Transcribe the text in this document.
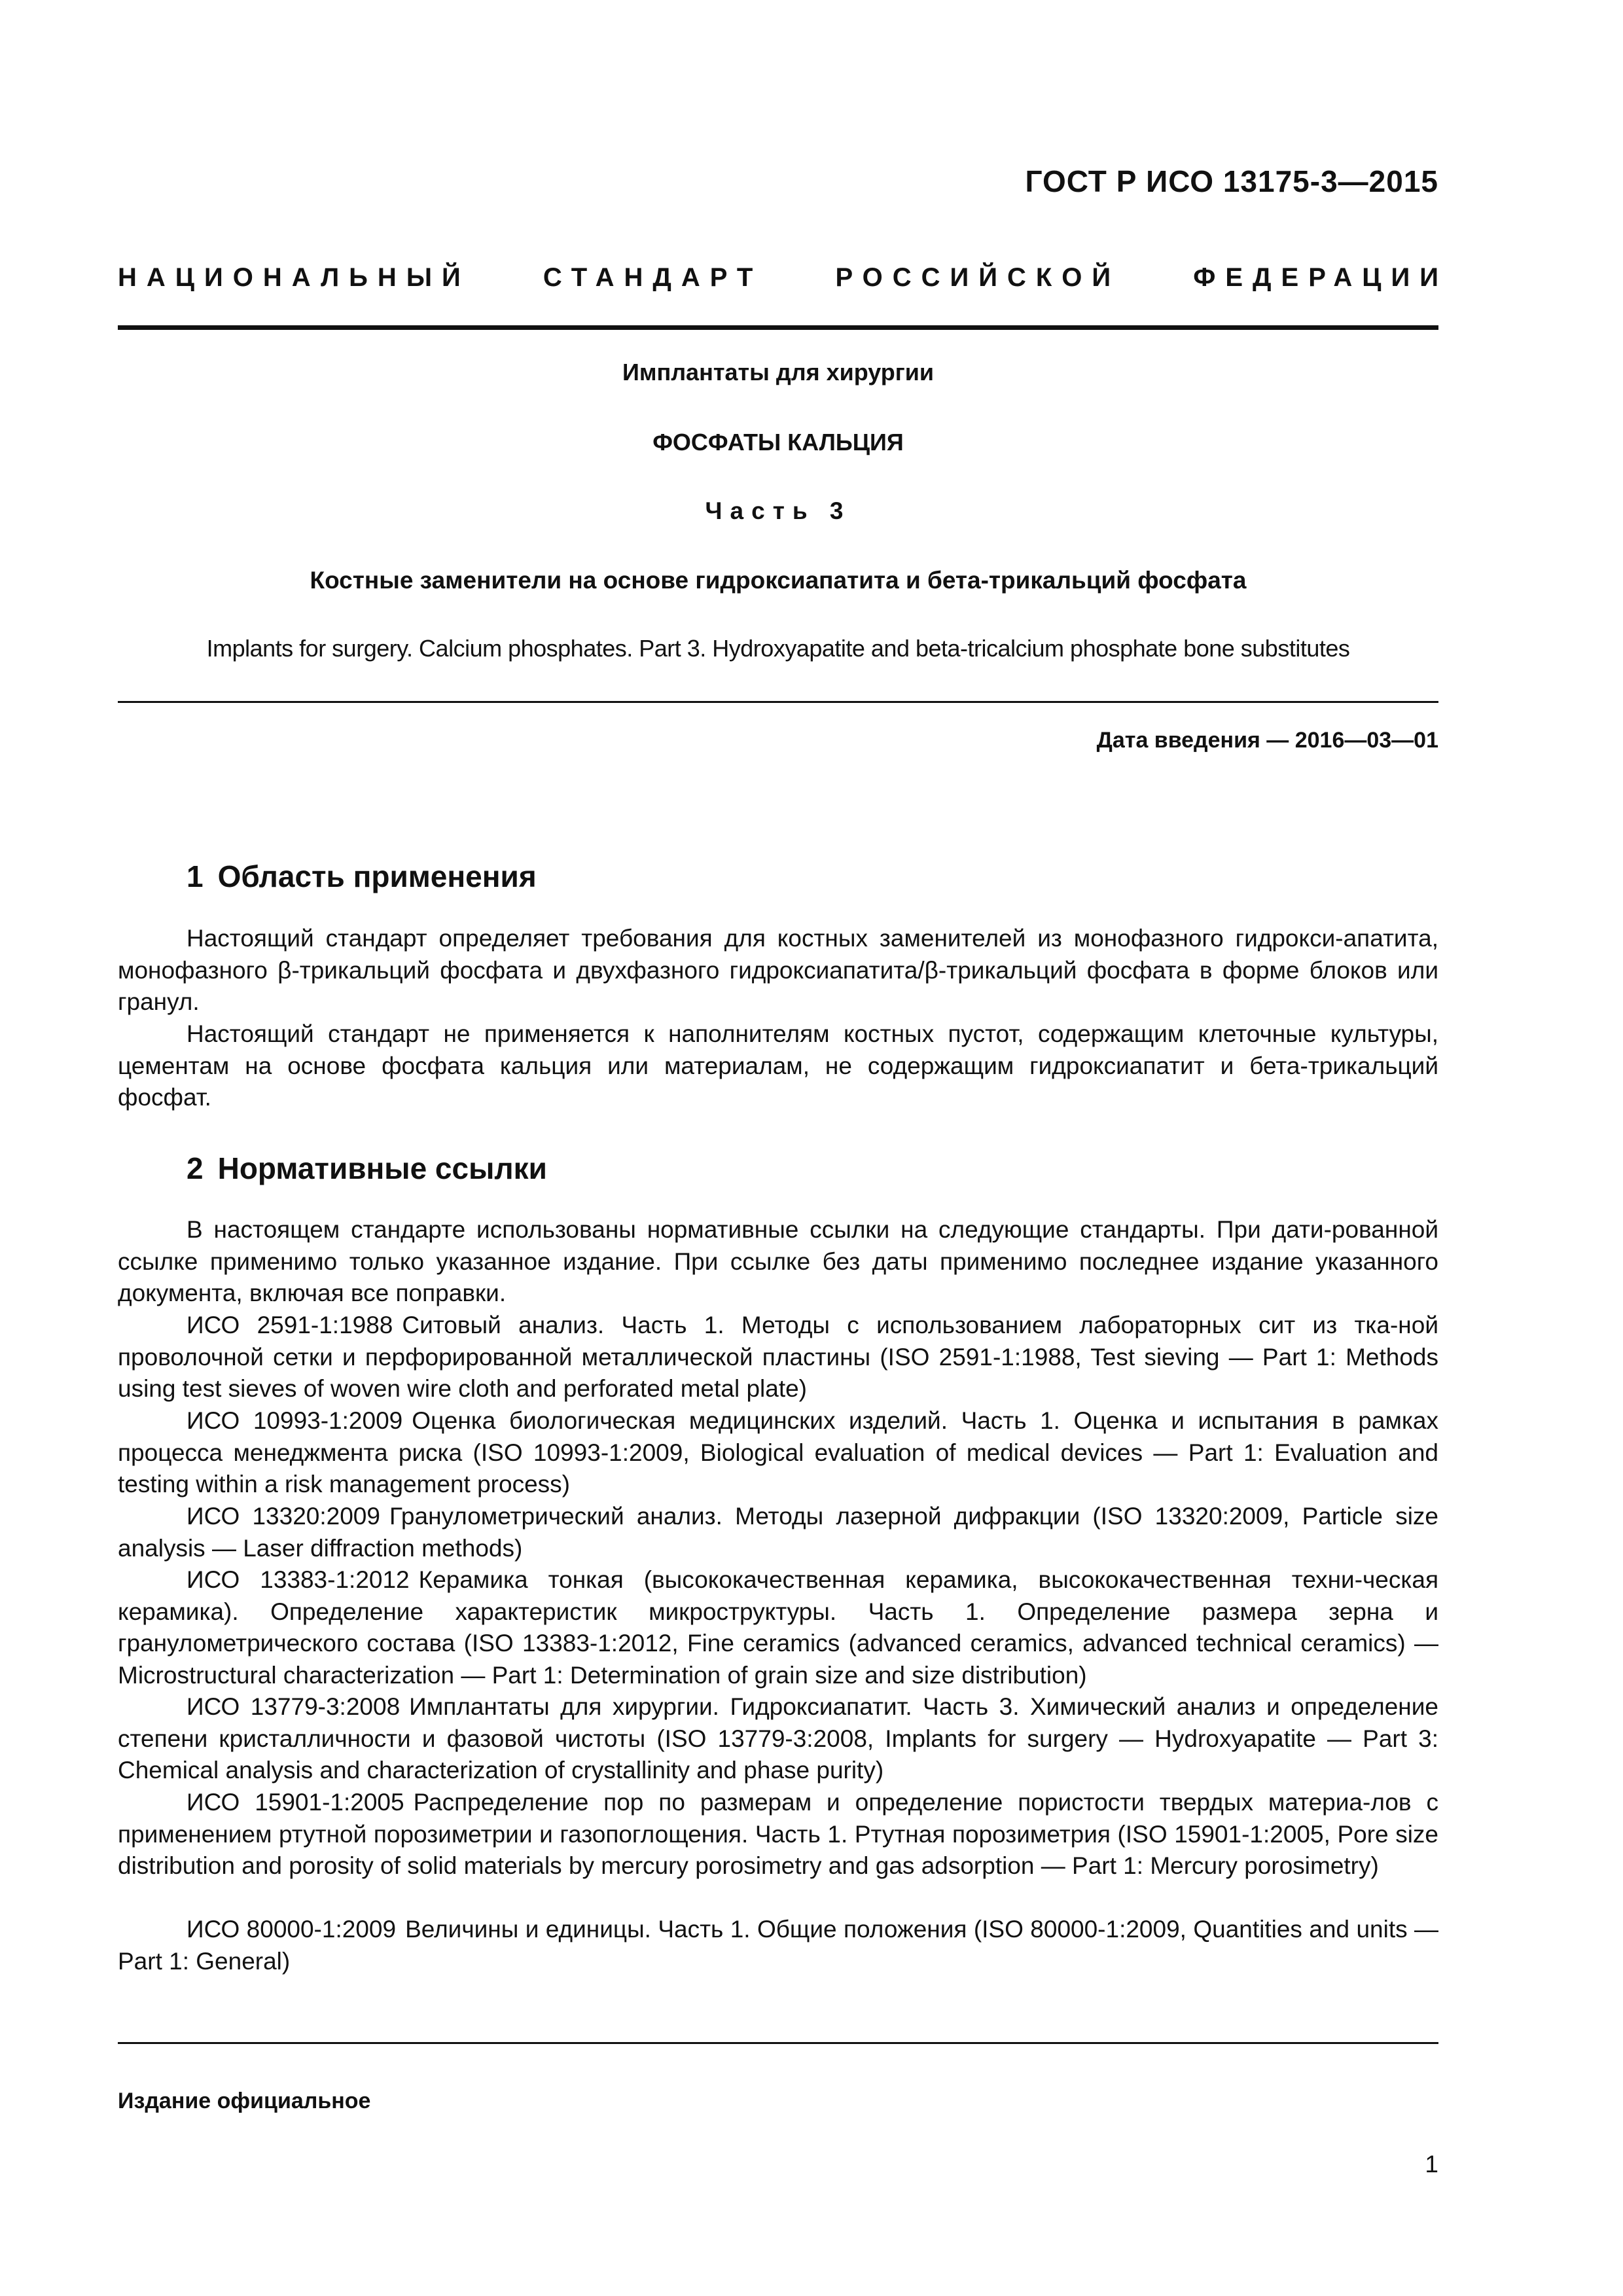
ГОСТ Р ИСО 13175-3—2015
НАЦИОНАЛЬНЫЙ	СТАНДАРТ	РОССИЙСКОЙ	ФЕДЕРАЦИИ
Имплантаты для хирургии
ФОСФАТЫ КАЛЬЦИЯ
Часть 3
Костные заменители на основе гидроксиапатита и бета-трикальций фосфата
Implants for surgery. Calcium phosphates. Part 3. Hydroxyapatite and beta-tricalcium phosphate bone substitutes
Дата введения — 2016—03—01
1 Область применения

Настоящий стандарт определяет требования для костных заменителей из монофазного гидрокси-апатита, монофазного β-трикальций фосфата и двухфазного гидроксиапатита/β-трикальций фосфата в форме блоков или гранул.

Настоящий стандарт не применяется к наполнителям костных пустот, содержащим клеточные культуры, цементам на основе фосфата кальция или материалам, не содержащим гидроксиапатит и бета-трикальций фосфат.

2 Нормативные ссылки

В настоящем стандарте использованы нормативные ссылки на следующие стандарты. При дати-рованной ссылке применимо только указанное издание. При ссылке без даты применимо последнее издание указанного документа, включая все поправки.

ИСО 2591-1:1988 Ситовый анализ. Часть 1. Методы с использованием лабораторных сит из тка-ной проволочной сетки и перфорированной металлической пластины (ISO 2591-1:1988, Test sieving — Part 1: Methods using test sieves of woven wire cloth and perforated metal plate)

ИСО 10993-1:2009 Оценка биологическая медицинских изделий. Часть 1. Оценка и испытания в рамках процесса менеджмента риска (ISO 10993-1:2009, Biological evaluation of medical devices — Part 1: Evaluation and testing within a risk management process)

ИСО 13320:2009 Гранулометрический анализ. Методы лазерной дифракции (ISO 13320:2009, Particle size analysis — Laser diffraction methods)

ИСО 13383-1:2012 Керамика тонкая (высококачественная керамика, высококачественная техни-ческая керамика). Определение характеристик микроструктуры. Часть 1. Определение размера зерна и гранулометрического состава (ISO 13383-1:2012, Fine ceramics (advanced ceramics, advanced technical ceramics) — Microstructural characterization — Part 1: Determination of grain size and size distribution)

ИСО 13779-3:2008 Имплантаты для хирургии. Гидроксиапатит. Часть 3. Химический анализ и определение степени кристалличности и фазовой чистоты (ISO 13779-3:2008, Implants for surgery — Hydroxyapatite — Part 3: Chemical analysis and characterization of crystallinity and phase purity)

ИСО 15901-1:2005 Распределение пор по размерам и определение пористости твердых материа-лов с применением ртутной порозиметрии и газопоглощения. Часть 1. Ртутная порозиметрия (ISO 15901-1:2005, Pore size distribution and porosity of solid materials by mercury porosimetry and gas adsorption — Part 1: Mercury porosimetry)

ИСО 80000-1:2009 Величины и единицы. Часть 1. Общие положения (ISO 80000-1:2009, Quantities and units — Part 1: General)

Издание официальное
1
